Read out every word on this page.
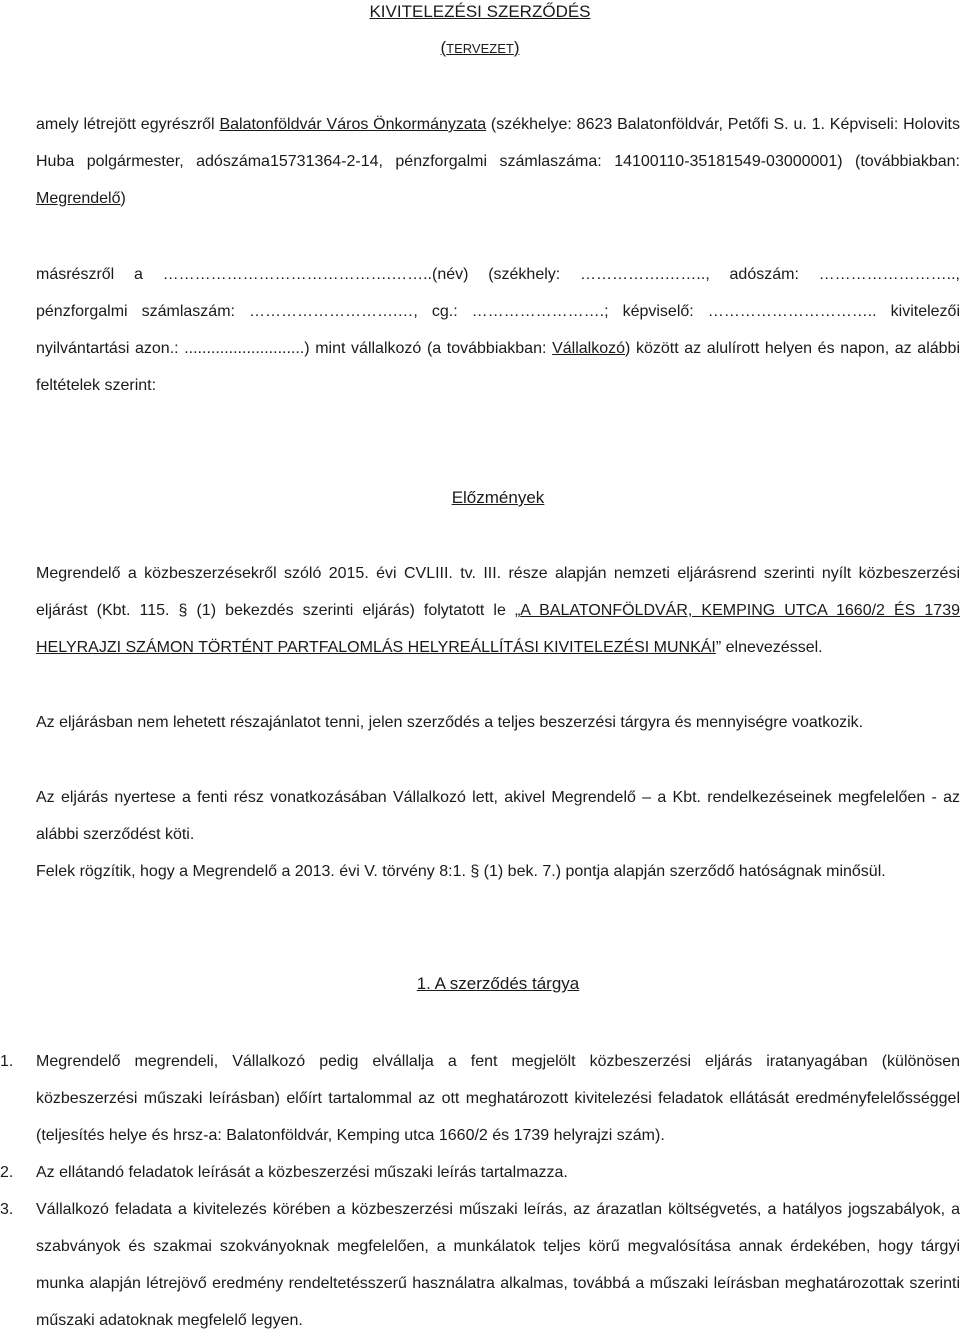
KIVITELEZÉSI SZERZŐDÉS
(TERVEZET)
amely létrejött egyrészről Balatonföldvár Város Önkormányzata (székhelye: 8623 Balatonföldvár, Petőfi S. u. 1. Képviseli: Holovits Huba polgármester, adószáma15731364-2-14, pénzforgalmi számlaszáma: 14100110-35181549-03000001) (továbbiakban: Megrendelő)
másrészről a …………………………………….……..(név) (székhely: …………….…….., adószám: …………………….., pénzforgalmi számlaszám: ……………………….…, cg.: …………………….; képviselő: ………………………….. kivitelezői nyilvántartási azon.: ...........................) mint vállalkozó (a továbbiakban: Vállalkozó) között az alulírott helyen és napon, az alábbi feltételek szerint:
Előzmények
Megrendelő a közbeszerzésekről szóló 2015. évi CVLIII. tv. III. része alapján nemzeti eljárásrend szerinti nyílt közbeszerzési eljárást (Kbt. 115. § (1) bekezdés szerinti eljárás) folytatott le „A BALATONFÖLDVÁR, KEMPING UTCA 1660/2 ÉS 1739 HELYRAJZI SZÁMON TÖRTÉNT PARTFALOMLÁS HELYREÁLLÍTÁSI KIVITELEZÉSI MUNKÁI” elnevezéssel.
Az eljárásban nem lehetett részajánlatot tenni, jelen szerződés a teljes beszerzési tárgyra és mennyiségre voatkozik.
Az eljárás nyertese a fenti rész vonatkozásában Vállalkozó lett, akivel Megrendelő – a Kbt. rendelkezéseinek megfelelően - az alábbi szerződést köti.
Felek rögzítik, hogy a Megrendelő a 2013. évi V. törvény 8:1. § (1) bek. 7.) pontja alapján szerződő hatóságnak minősül.
1. A szerződés tárgya
1.	Megrendelő megrendeli, Vállalkozó pedig elvállalja a fent megjelölt közbeszerzési eljárás iratanyagában (különösen közbeszerzési műszaki leírásban) előírt tartalommal az ott meghatározott kivitelezési feladatok ellátását eredményfelelősséggel (teljesítés helye és hrsz-a: Balatonföldvár, Kemping utca 1660/2 és 1739 helyrajzi szám).
2.	Az ellátandó feladatok leírását a közbeszerzési műszaki leírás tartalmazza.
3.	Vállalkozó feladata a kivitelezés körében a közbeszerzési műszaki leírás, az árazatlan költségvetés, a hatályos jogszabályok, a szabványok és szakmai szokványoknak megfelelően, a munkálatok teljes körű megvalósítása annak érdekében, hogy tárgyi munka alapján létrejövő eredmény rendeltetésszerű használatra alkalmas, továbbá a műszaki leírásban meghatározottak szerinti műszaki adatoknak megfelelő legyen.
